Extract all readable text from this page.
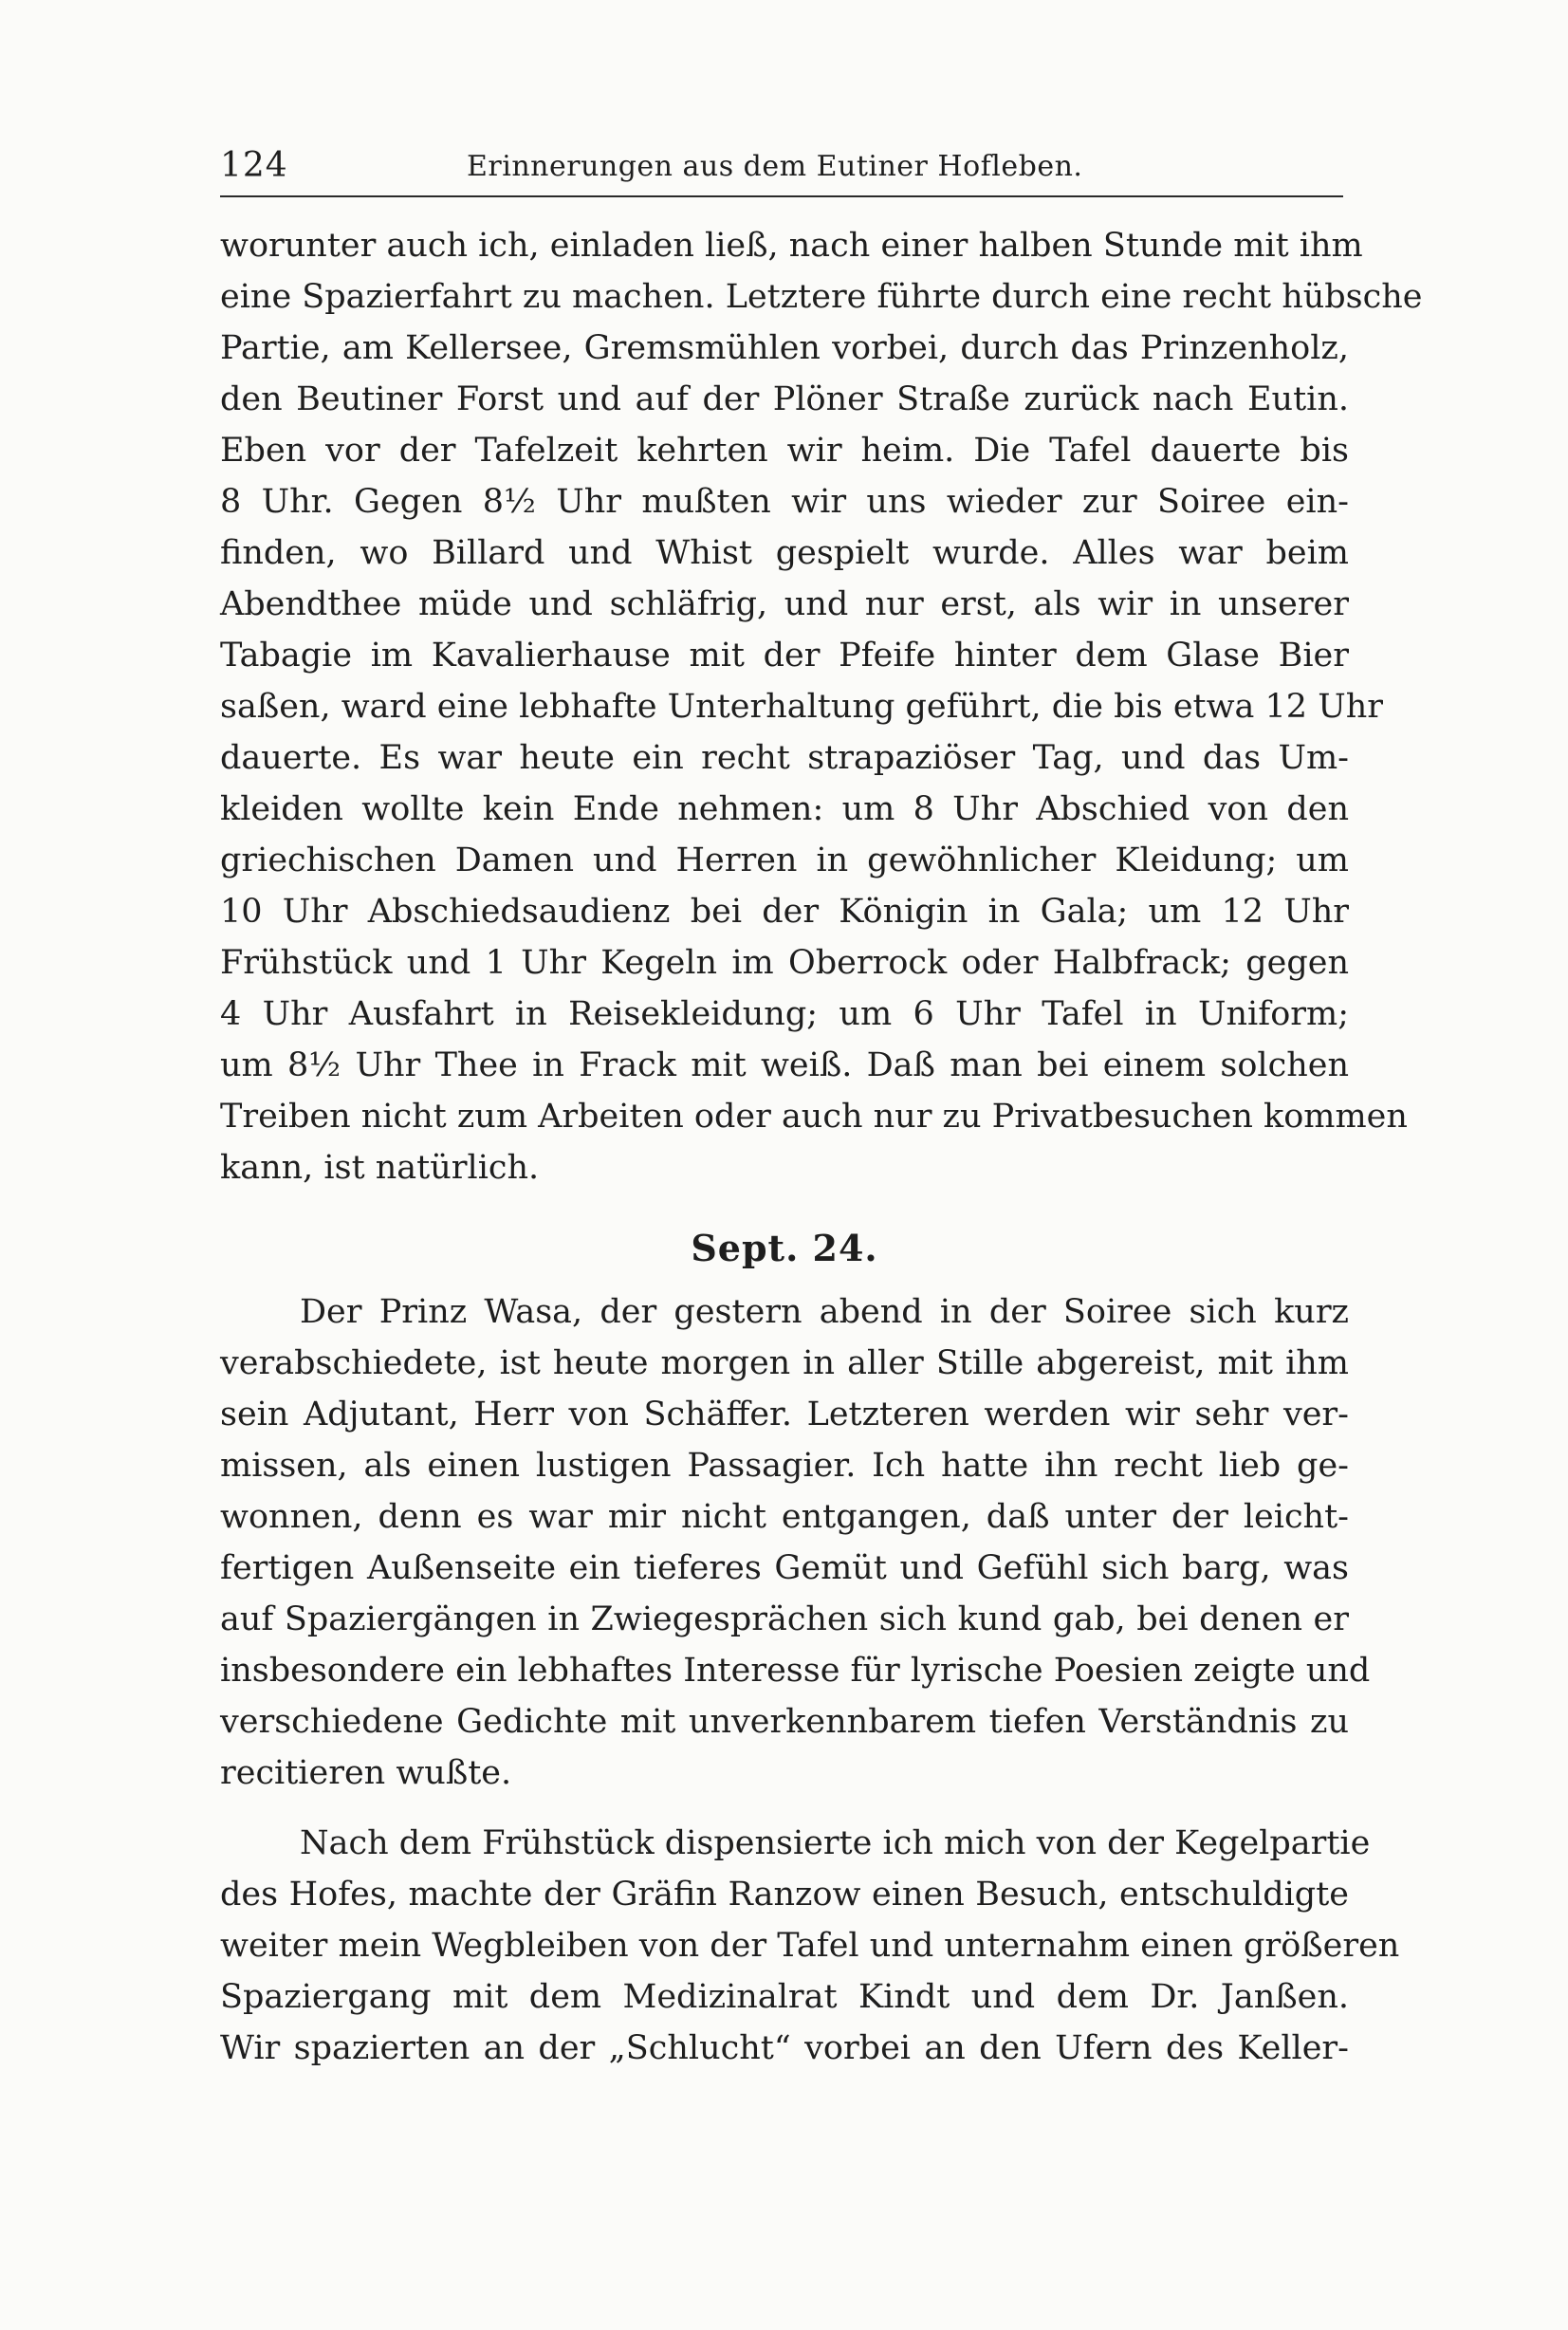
124	Erinnerungen aus dem Eutiner Hofleben.
worunter auch ich, einladen ließ, nach einer halben Stunde mit ihm
eine Spazierfahrt zu machen. Letztere führte durch eine recht hübsche
Partie, am Kellersee, Gremsmühlen vorbei, durch das Prinzenholz,
den Beutiner Forst und auf der Plöner Straße zurück nach Eutin.
Eben vor der Tafelzeit kehrten wir heim. Die Tafel dauerte bis
8 Uhr. Gegen 8½ Uhr mußten wir uns wieder zur Soiree ein-
finden, wo Billard und Whist gespielt wurde. Alles war beim
Abendthee müde und schläfrig, und nur erst, als wir in unserer
Tabagie im Kavalierhause mit der Pfeife hinter dem Glase Bier
saßen, ward eine lebhafte Unterhaltung geführt, die bis etwa 12 Uhr
dauerte. Es war heute ein recht strapaziöser Tag, und das Um-
kleiden wollte kein Ende nehmen: um 8 Uhr Abschied von den
griechischen Damen und Herren in gewöhnlicher Kleidung; um
10 Uhr Abschiedsaudienz bei der Königin in Gala; um 12 Uhr
Frühstück und 1 Uhr Kegeln im Oberrock oder Halbfrack; gegen
4 Uhr Ausfahrt in Reisekleidung; um 6 Uhr Tafel in Uniform;
um 8½ Uhr Thee in Frack mit weiß. Daß man bei einem solchen
Treiben nicht zum Arbeiten oder auch nur zu Privatbesuchen kommen
kann, ist natürlich.
Sept. 24.
Der Prinz Wasa, der gestern abend in der Soiree sich kurz
verabschiedete, ist heute morgen in aller Stille abgereist, mit ihm
sein Adjutant, Herr von Schäffer. Letzteren werden wir sehr ver-
missen, als einen lustigen Passagier. Ich hatte ihn recht lieb ge-
wonnen, denn es war mir nicht entgangen, daß unter der leicht-
fertigen Außenseite ein tieferes Gemüt und Gefühl sich barg, was
auf Spaziergängen in Zwiegesprächen sich kund gab, bei denen er
insbesondere ein lebhaftes Interesse für lyrische Poesien zeigte und
verschiedene Gedichte mit unverkennbarem tiefen Verständnis zu
recitieren wußte.
Nach dem Frühstück dispensierte ich mich von der Kegelpartie
des Hofes, machte der Gräfin Ranzow einen Besuch, entschuldigte
weiter mein Wegbleiben von der Tafel und unternahm einen größeren
Spaziergang mit dem Medizinalrat Kindt und dem Dr. Janßen.
Wir spazierten an der „Schlucht“ vorbei an den Ufern des Keller-
